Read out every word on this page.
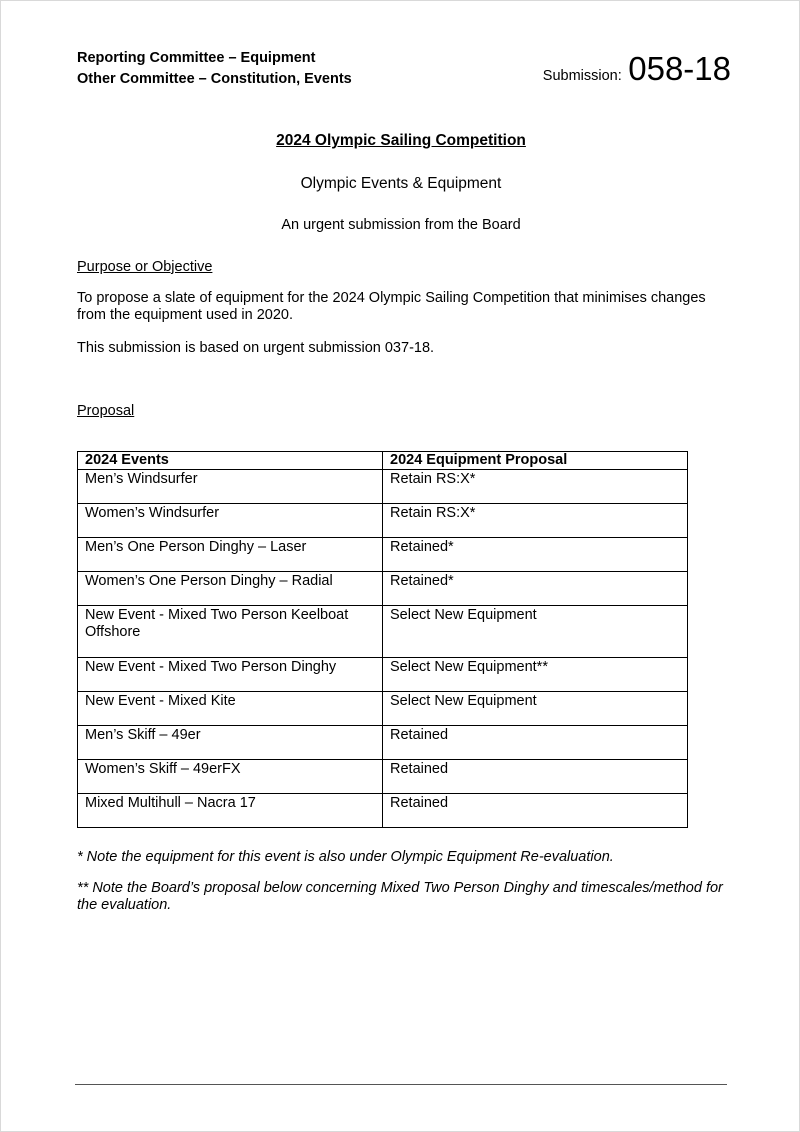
Reporting Committee – Equipment
Other Committee – Constitution, Events	Submission: 058-18
2024 Olympic Sailing Competition
Olympic Events & Equipment
An urgent submission from the Board
Purpose or Objective
To propose a slate of equipment for the 2024 Olympic Sailing Competition that minimises changes from the equipment used in 2020.
This submission is based on urgent submission 037-18.
Proposal
2024 Events	2024 Equipment Proposal
Men’s Windsurfer	Retain RS:X*
Women’s Windsurfer	Retain RS:X*
Men’s One Person Dinghy – Laser	Retained*
Women’s One Person Dinghy – Radial	Retained*
New Event - Mixed Two Person Keelboat Offshore	Select New Equipment
New Event - Mixed Two Person Dinghy	Select New Equipment**
New Event - Mixed Kite	Select New Equipment
Men’s Skiff – 49er	Retained
Women’s Skiff – 49erFX	Retained
Mixed Multihull – Nacra 17	Retained
* Note the equipment for this event is also under Olympic Equipment Re-evaluation.
** Note the Board’s proposal below concerning Mixed Two Person Dinghy and timescales/method for the evaluation.
